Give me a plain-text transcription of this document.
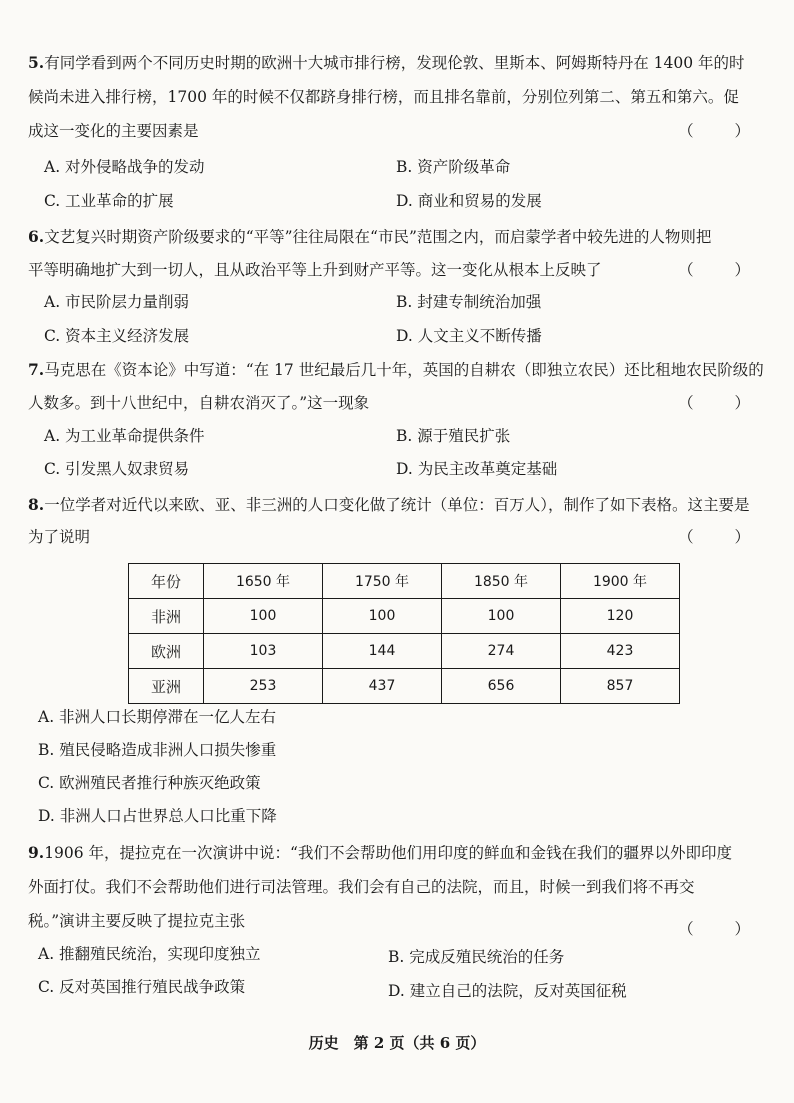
5.有同学看到两个不同历史时期的欧洲十大城市排行榜，发现伦敦、里斯本、阿姆斯特丹在 1400 年的时
候尚未进入排行榜，1700 年的时候不仅都跻身排行榜，而且排名靠前，分别位列第二、第五和第六。促
成这一变化的主要因素是	（ ）
A. 对外侵略战争的发动	B. 资产阶级革命
C. 工业革命的扩展	D. 商业和贸易的发展
6.文艺复兴时期资产阶级要求的“平等”往往局限在“市民”范围之内，而启蒙学者中较先进的人物则把
平等明确地扩大到一切人，且从政治平等上升到财产平等。这一变化从根本上反映了	（ ）
A. 市民阶层力量削弱	B. 封建专制统治加强
C. 资本主义经济发展	D. 人文主义不断传播
7.马克思在《资本论》中写道：“在 17 世纪最后几十年，英国的自耕农（即独立农民）还比租地农民阶级的
人数多。到十八世纪中，自耕农消灭了。”这一现象	（ ）
A. 为工业革命提供条件	B. 源于殖民扩张
C. 引发黑人奴隶贸易	D. 为民主改革奠定基础
8.一位学者对近代以来欧、亚、非三洲的人口变化做了统计（单位：百万人），制作了如下表格。这主要是
为了说明	（ ）
年份	1650 年	1750 年	1850 年	1900 年
非洲	100	100	100	120
欧洲	103	144	274	423
亚洲	253	437	656	857
A. 非洲人口长期停滞在一亿人左右
B. 殖民侵略造成非洲人口损失惨重
C. 欧洲殖民者推行种族灭绝政策
D. 非洲人口占世界总人口比重下降
9.1906 年，提拉克在一次演讲中说：“我们不会帮助他们用印度的鲜血和金钱在我们的疆界以外即印度
外面打仗。我们不会帮助他们进行司法管理。我们会有自己的法院，而且，时候一到我们将不再交
税。”演讲主要反映了提拉克主张	（ ）
A. 推翻殖民统治，实现印度独立	B. 完成反殖民统治的任务
C. 反对英国推行殖民战争政策	D. 建立自己的法院，反对英国征税
历史　第 2 页（共 6 页）
